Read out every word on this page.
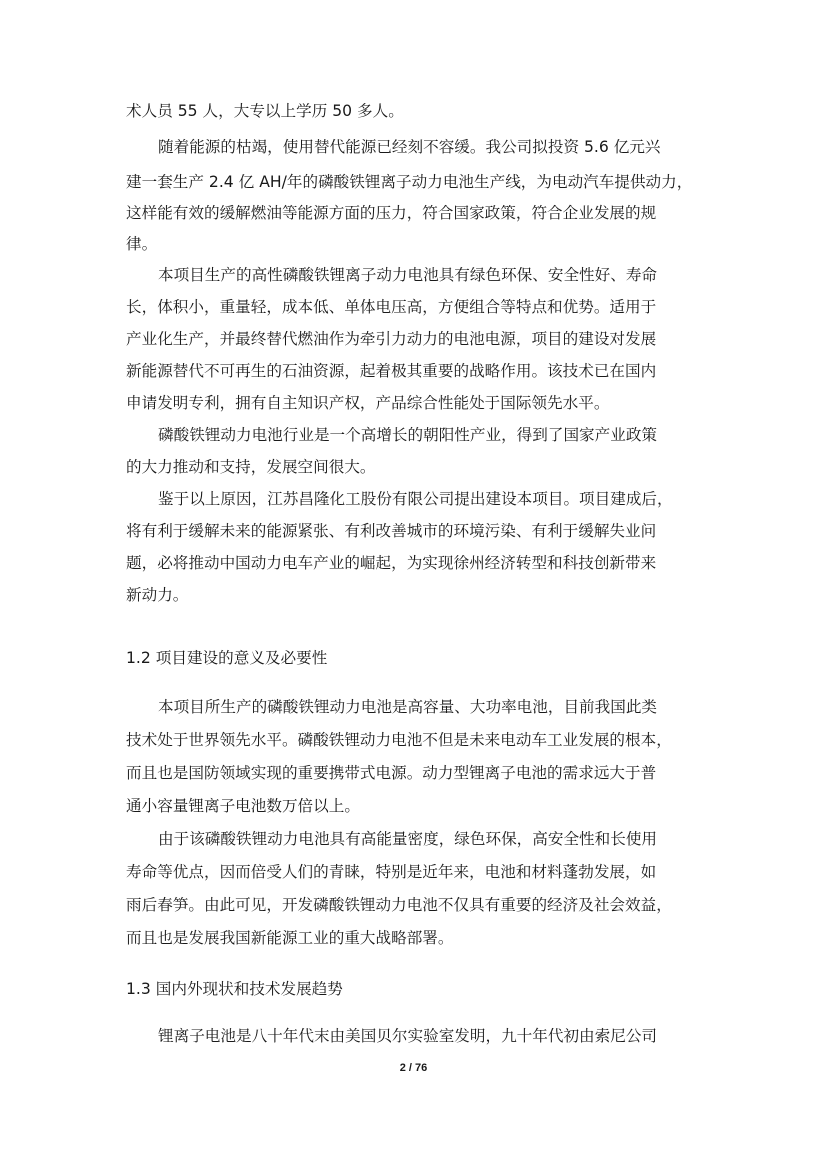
术人员 55 人，大专以上学历 50 多人。
随着能源的枯竭，使用替代能源已经刻不容缓。我公司拟投资 5.6 亿元兴
建一套生产 2.4 亿 AH/年的磷酸铁锂离子动力电池生产线，为电动汽车提供动力，
这样能有效的缓解燃油等能源方面的压力，符合国家政策，符合企业发展的规
律。
本项目生产的高性磷酸铁锂离子动力电池具有绿色环保、安全性好、寿命
长，体积小，重量轻，成本低、单体电压高，方便组合等特点和优势。适用于
产业化生产，并最终替代燃油作为牵引力动力的电池电源，项目的建设对发展
新能源替代不可再生的石油资源，起着极其重要的战略作用。该技术已在国内
申请发明专利，拥有自主知识产权，产品综合性能处于国际领先水平。
磷酸铁锂动力电池行业是一个高增长的朝阳性产业，得到了国家产业政策
的大力推动和支持，发展空间很大。
鉴于以上原因，江苏昌隆化工股份有限公司提出建设本项目。项目建成后，
将有利于缓解未来的能源紧张、有利改善城市的环境污染、有利于缓解失业问
题，必将推动中国动力电车产业的崛起，为实现徐州经济转型和科技创新带来
新动力。
1.2 项目建设的意义及必要性
本项目所生产的磷酸铁锂动力电池是高容量、大功率电池，目前我国此类
技术处于世界领先水平。磷酸铁锂动力电池不但是未来电动车工业发展的根本，
而且也是国防领域实现的重要携带式电源。动力型锂离子电池的需求远大于普
通小容量锂离子电池数万倍以上。
由于该磷酸铁锂动力电池具有高能量密度，绿色环保，高安全性和长使用
寿命等优点，因而倍受人们的青睐，特别是近年来，电池和材料蓬勃发展，如
雨后春笋。由此可见，开发磷酸铁锂动力电池不仅具有重要的经济及社会效益，
而且也是发展我国新能源工业的重大战略部署。
1.3 国内外现状和技术发展趋势
锂离子电池是八十年代末由美国贝尔实验室发明，九十年代初由索尼公司
2 / 76
